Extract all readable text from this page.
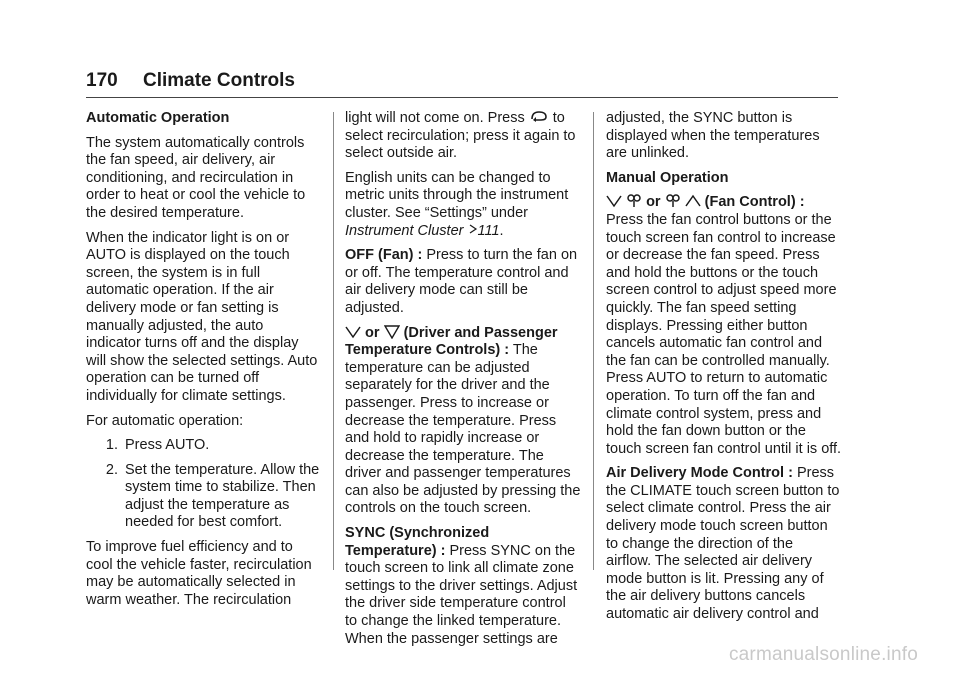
170 Climate Controls
Automatic Operation

The system automatically controls the fan speed, air delivery, air conditioning, and recirculation in order to heat or cool the vehicle to the desired temperature.

When the indicator light is on or AUTO is displayed on the touch screen, the system is in full automatic operation. If the air delivery mode or fan setting is manually adjusted, the auto indicator turns off and the display will show the selected settings. Auto operation can be turned off individually for climate settings.

For automatic operation:

1. Press AUTO.
2. Set the temperature. Allow the system time to stabilize. Then adjust the temperature as needed for best comfort.

To improve fuel efficiency and to cool the vehicle faster, recirculation may be automatically selected in warm weather. The recirculation

light will not come on. Press to select recirculation; press it again to select outside air.

English units can be changed to metric units through the instrument cluster. See “Settings” under Instrument Cluster 111.

OFF (Fan) : Press to turn the fan on or off. The temperature control and air delivery mode can still be adjusted.

or (Driver and Passenger Temperature Controls) : The temperature can be adjusted separately for the driver and the passenger. Press to increase or decrease the temperature. Press and hold to rapidly increase or decrease the temperature. The driver and passenger temperatures can also be adjusted by pressing the controls on the touch screen.

SYNC (Synchronized Temperature) : Press SYNC on the touch screen to link all climate zone settings to the driver settings. Adjust the driver side temperature control to change the linked temperature. When the passenger settings are

adjusted, the SYNC button is displayed when the temperatures are unlinked.

Manual Operation

or
	(Fan Control) : Press the fan control buttons or the touch screen fan control to increase or decrease the fan speed. Press and hold the buttons or the touch screen control to adjust speed more quickly. The fan speed setting displays. Pressing either button cancels automatic fan control and the fan can be controlled manually. Press AUTO to return to automatic operation. To turn off the fan and climate control system, press and hold the fan down button or the touch screen fan control until it is off.

Air Delivery Mode Control : Press the CLIMATE touch screen button to select climate control. Press the air delivery mode touch screen button to change the direction of the airflow. The selected air delivery mode button is lit. Pressing any of the air delivery buttons cancels automatic air delivery control and

carmanualsonline.info
